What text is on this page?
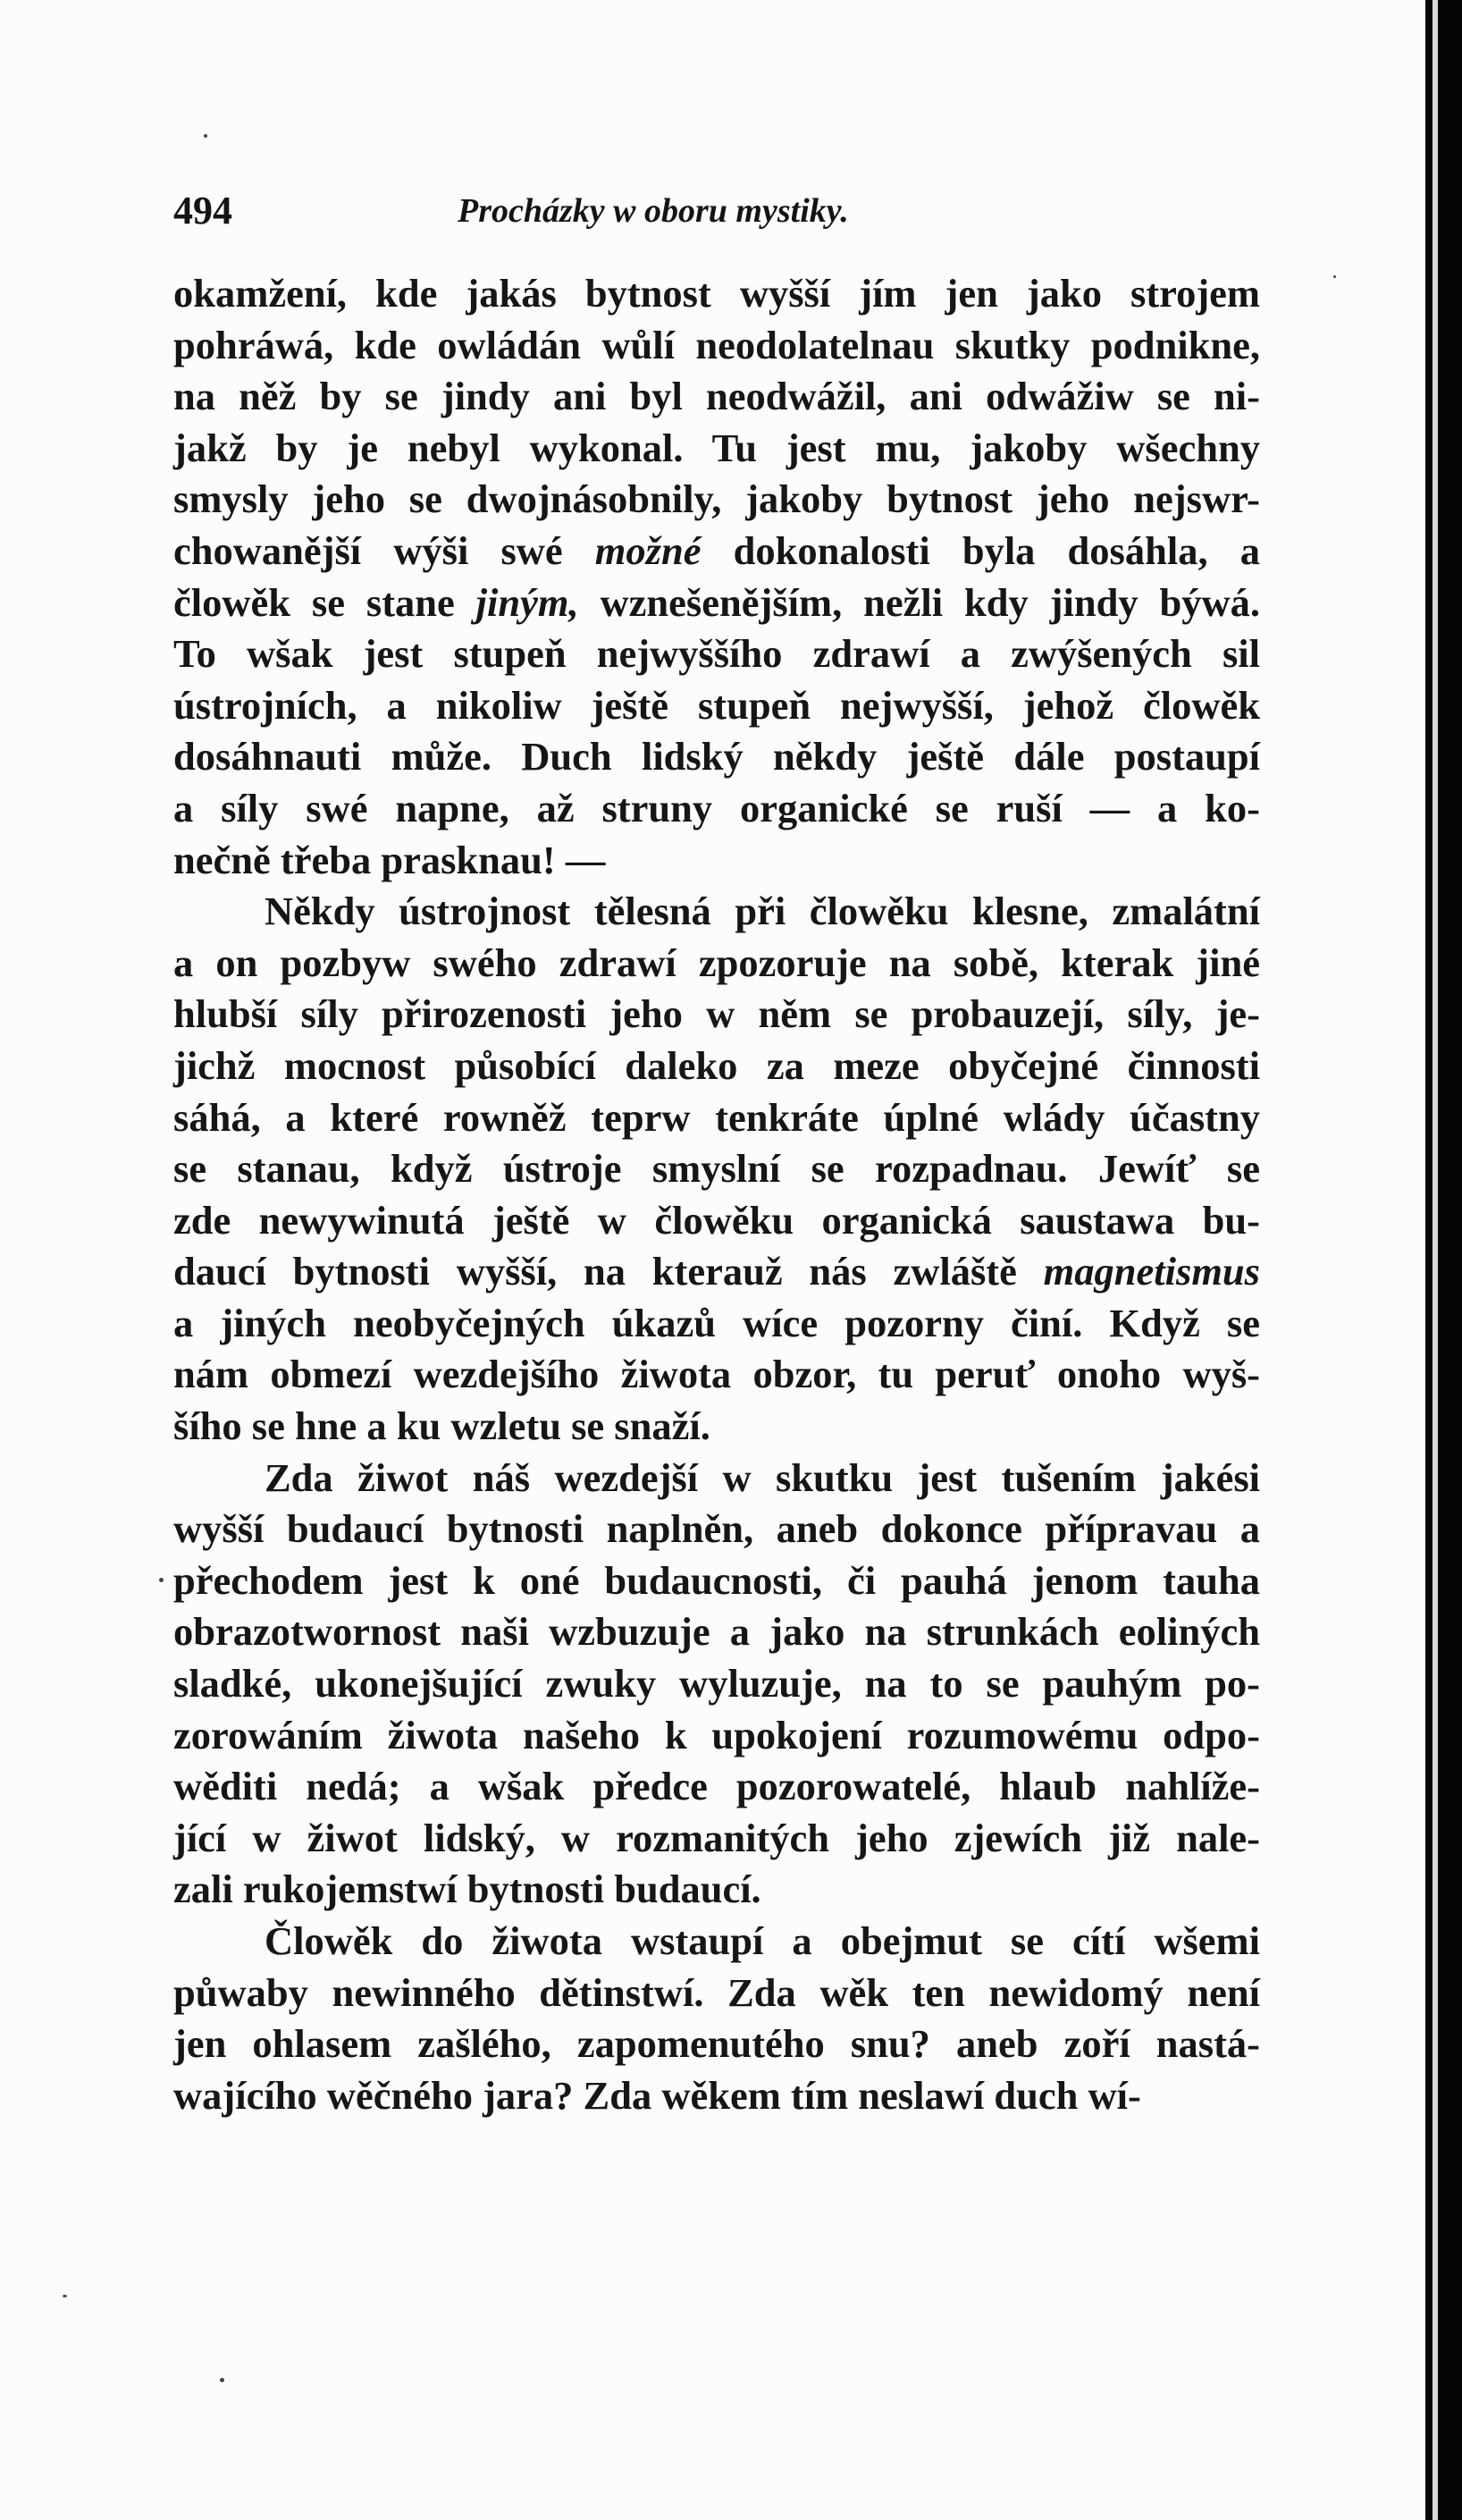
494	Procházky w oboru mystiky.
okamžení, kde jakás bytnost wyšší jím jen jako strojem
pohráwá, kde owládán wůlí neodolatelnau skutky podnikne,
na něž by se jindy ani byl neodwážil, ani odwážiw se ni-
jakž by je nebyl wykonal. Tu jest mu, jakoby wšechny
smysly jeho se dwojnásobnily, jakoby bytnost jeho nejswr-
chowanější wýši swé možné dokonalosti byla dosáhla, a
člowěk se stane jiným, wznešenějším, nežli kdy jindy býwá.
To wšak jest stupeň nejwyššího zdrawí a zwýšených sil
ústrojních, a nikoliw ještě stupeň nejwyšší, jehož člowěk
dosáhnauti může. Duch lidský někdy ještě dále postaupí
a síly swé napne, až struny organické se ruší — a ko-
nečně třeba prasknau! —
Někdy ústrojnost tělesná při člowěku klesne, zmalátní
a on pozbyw swého zdrawí zpozoruje na sobě, kterak jiné
hlubší síly přirozenosti jeho w něm se probauzejí, síly, je-
jichž mocnost působící daleko za meze obyčejné činnosti
sáhá, a které rowněž teprw tenkráte úplné wlády účastny
se stanau, když ústroje smyslní se rozpadnau. Jewíť se
zde newywinutá ještě w člowěku organická saustawa bu-
daucí bytnosti wyšší, na kterauž nás zwláště magnetismus
a jiných neobyčejných úkazů wíce pozorny činí. Když se
nám obmezí wezdejšího žiwota obzor, tu peruť onoho wyš-
šího se hne a ku wzletu se snaží.
Zda žiwot náš wezdejší w skutku jest tušením jakési
wyšší budaucí bytnosti naplněn, aneb dokonce přípravau a
přechodem jest k oné budaucnosti, či pauhá jenom tauha
obrazotwornost naši wzbuzuje a jako na strunkách eoliných
sladké, ukonejšující zwuky wyluzuje, na to se pauhým po-
zorowáním žiwota našeho k upokojení rozumowému odpo-
wěditi nedá; a wšak předce pozorowatelé, hlaub nahlíže-
jící w žiwot lidský, w rozmanitých jeho zjewích již nale-
zali rukojemstwí bytnosti budaucí.
Člowěk do žiwota wstaupí a obejmut se cítí wšemi
půwaby newinného dětinstwí. Zda wěk ten newidomý není
jen ohlasem zašlého, zapomenutého snu? aneb zoří nastá-
wajícího wěčného jara? Zda wěkem tím neslawí duch wí-
